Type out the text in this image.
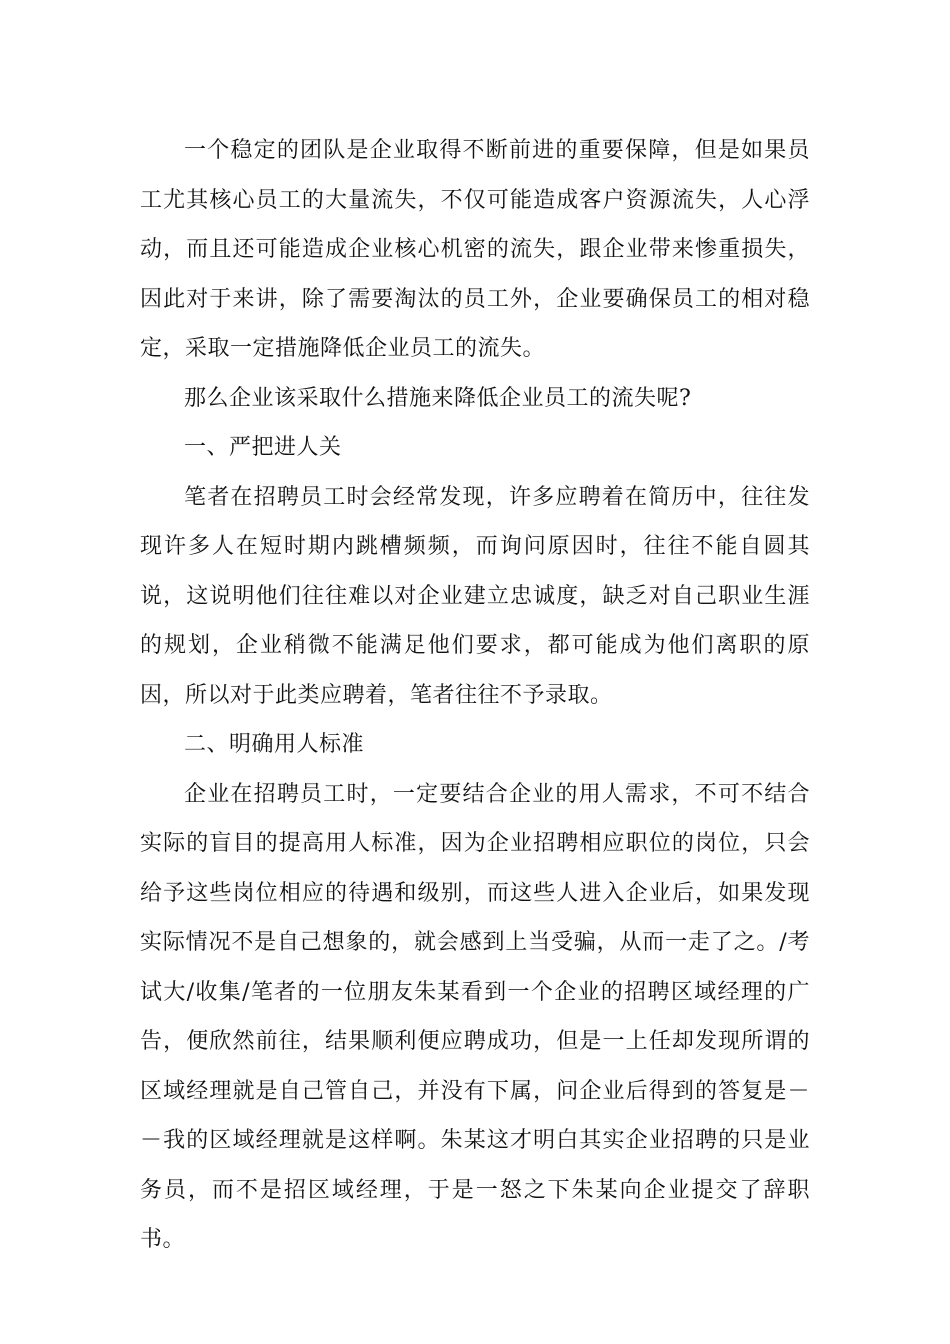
一个稳定的团队是企业取得不断前进的重要保障，但是如果员工尤其核心员工的大量流失，不仅可能造成客户资源流失，人心浮动，而且还可能造成企业核心机密的流失，跟企业带来惨重损失，因此对于来讲，除了需要淘汰的员工外，企业要确保员工的相对稳定，采取一定措施降低企业员工的流失。

那么企业该采取什么措施来降低企业员工的流失呢?

一、严把进人关

笔者在招聘员工时会经常发现，许多应聘着在简历中，往往发现许多人在短时期内跳槽频频，而询问原因时，往往不能自圆其说，这说明他们往往难以对企业建立忠诚度，缺乏对自己职业生涯的规划，企业稍微不能满足他们要求，都可能成为他们离职的原因，所以对于此类应聘着，笔者往往不予录取。

二、明确用人标准

企业在招聘员工时，一定要结合企业的用人需求，不可不结合实际的盲目的提高用人标准，因为企业招聘相应职位的岗位，只会给予这些岗位相应的待遇和级别，而这些人进入企业后，如果发现实际情况不是自己想象的，就会感到上当受骗，从而一走了之。/考试大/收集/笔者的一位朋友朱某看到一个企业的招聘区域经理的广告，便欣然前往，结果顺利便应聘成功，但是一上任却发现所谓的区域经理就是自己管自己，并没有下属，问企业后得到的答复是－－我的区域经理就是这样啊。朱某这才明白其实企业招聘的只是业务员，而不是招区域经理，于是一怒之下朱某向企业提交了辞职书。
